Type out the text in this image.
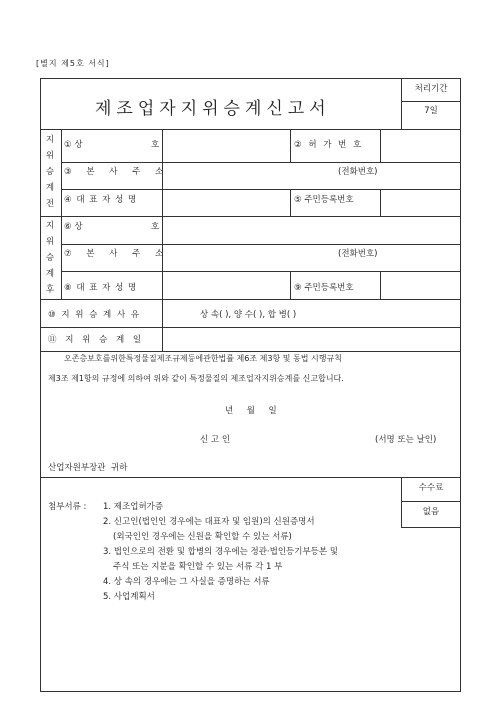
[별지 제5호 서식]
제조업자지위승계신고서
처리기간
7일
지위승계전
① 상	호	② 허 가 번 호
③ 본 사 주 소	(전화번호)
④ 대 표 자 성 명	⑤ 주민등록번호
지위승계후
⑥ 상	호
⑦ 본 사 주 소	(전화번호)
⑧ 대 표 자 성 명	⑨ 주민등록번호
⑩ 지 위 승 계 사 유	상 속( ), 양 수( ), 합 병( )
⑪ 지 위 승 계 일
오존층보호를위한특정물질제조규제등에관한법률 제6조 제3항 및 동법 시행규칙
제3조 제1항의 규정에 의하여 위와 같이 특정물질의 제조업자지위승계를 신고합니다.
년     월     일
신 고 인	(서명 또는 날인)
산업자원부장관  귀하
수수료
없음
첨부서류 : 1. 제조업허가증
2. 신고인(법인인 경우에는 대표자 및 임원)의 신원증명서
(외국인인 경우에는 신원을 확인할 수 있는 서류)
3. 법인으로의 전환 및 합병의 경우에는 정관·법인등기부등본 및
주식 또는 지분을 확인할 수 있는 서류 각 1 부
4. 상 속의 경우에는 그 사실을 증명하는 서류
5. 사업계획서
